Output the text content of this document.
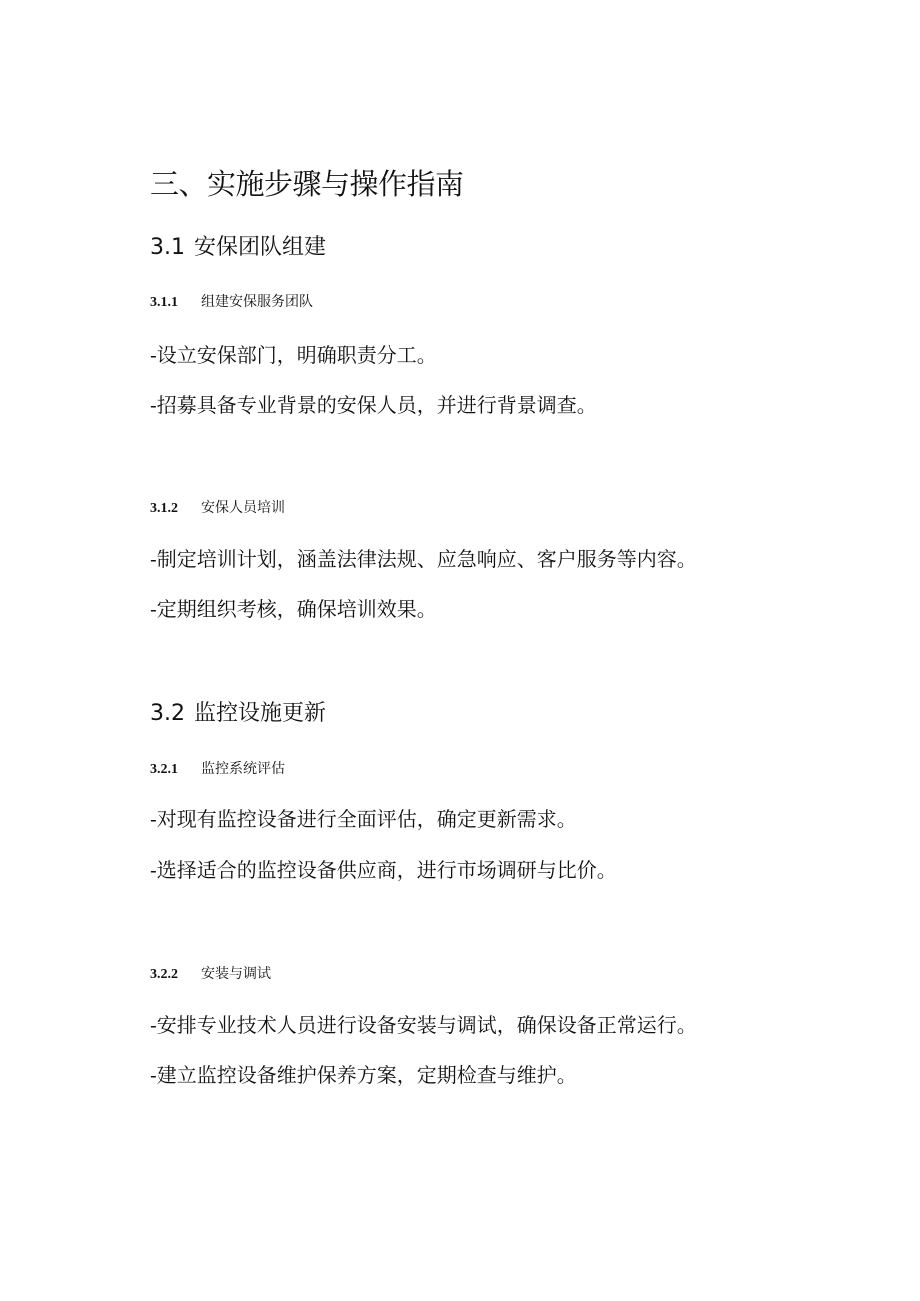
三、实施步骤与操作指南
3.1 安保团队组建
3.1.1 组建安保服务团队
-设立安保部门，明确职责分工。
-招募具备专业背景的安保人员，并进行背景调查。
3.1.2 安保人员培训
-制定培训计划，涵盖法律法规、应急响应、客户服务等内容。
-定期组织考核，确保培训效果。
3.2 监控设施更新
3.2.1 监控系统评估
-对现有监控设备进行全面评估，确定更新需求。
-选择适合的监控设备供应商，进行市场调研与比价。
3.2.2 安装与调试
-安排专业技术人员进行设备安装与调试，确保设备正常运行。
-建立监控设备维护保养方案，定期检查与维护。
